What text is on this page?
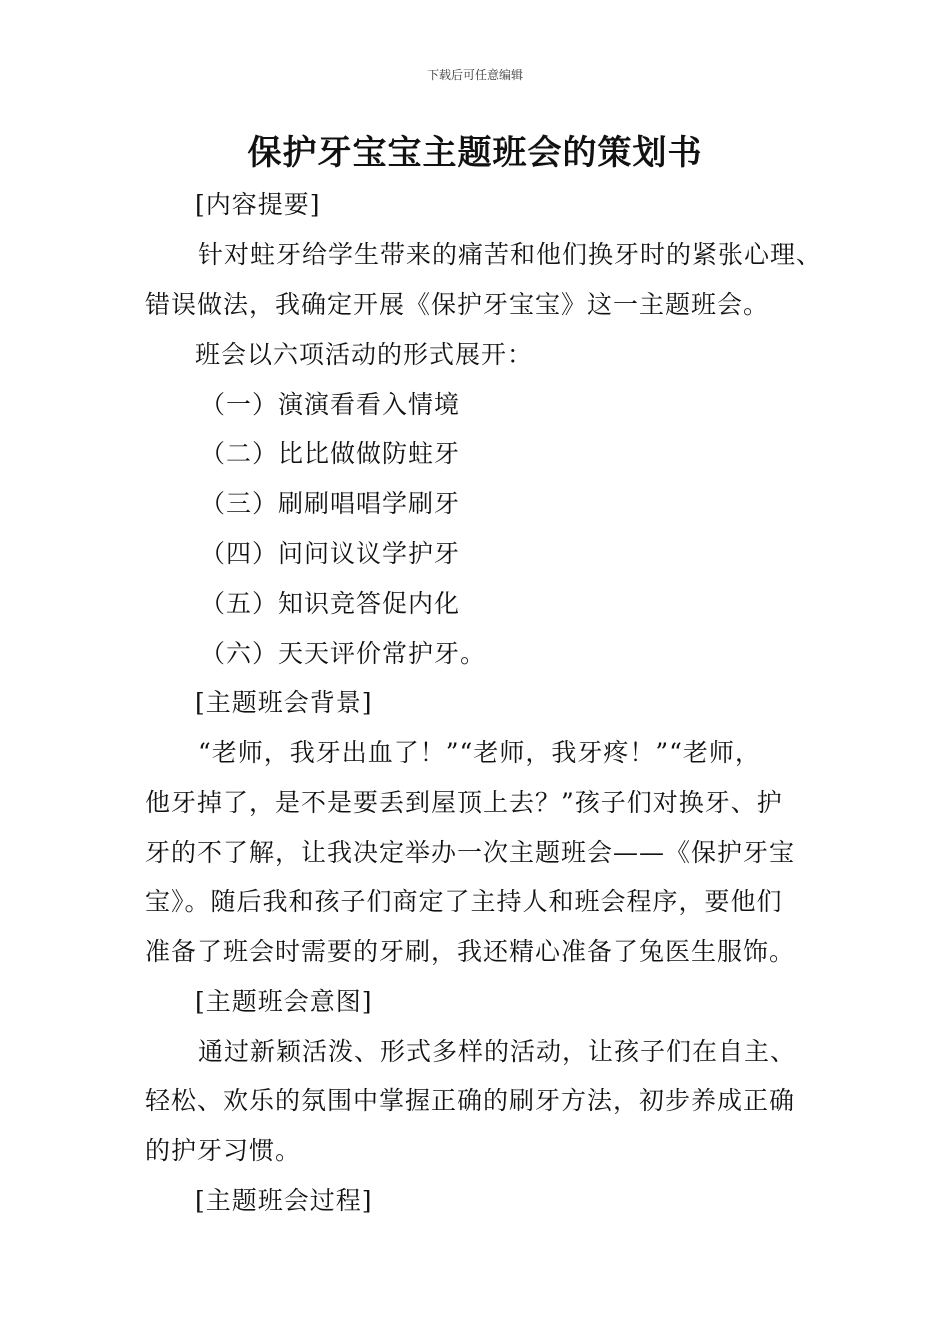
下载后可任意编辑
保护牙宝宝主题班会的策划书
[内容提要]
针对蛀牙给学生带来的痛苦和他们换牙时的紧张心理、
错误做法，我确定开展《保护牙宝宝》这一主题班会。
班会以六项活动的形式展开：
（一）演演看看入情境
（二）比比做做防蛀牙
（三）刷刷唱唱学刷牙
（四）问问议议学护牙
（五）知识竞答促内化
（六）天天评价常护牙。
[主题班会背景]
“老师，我牙出血了！”“老师，我牙疼！”“老师，
他牙掉了，是不是要丢到屋顶上去？”孩子们对换牙、护
牙的不了解，让我决定举办一次主题班会——《保护牙宝
宝》。随后我和孩子们商定了主持人和班会程序，要他们
准备了班会时需要的牙刷，我还精心准备了兔医生服饰。
[主题班会意图]
通过新颖活泼、形式多样的活动，让孩子们在自主、
轻松、欢乐的氛围中掌握正确的刷牙方法，初步养成正确
的护牙习惯。
[主题班会过程]
